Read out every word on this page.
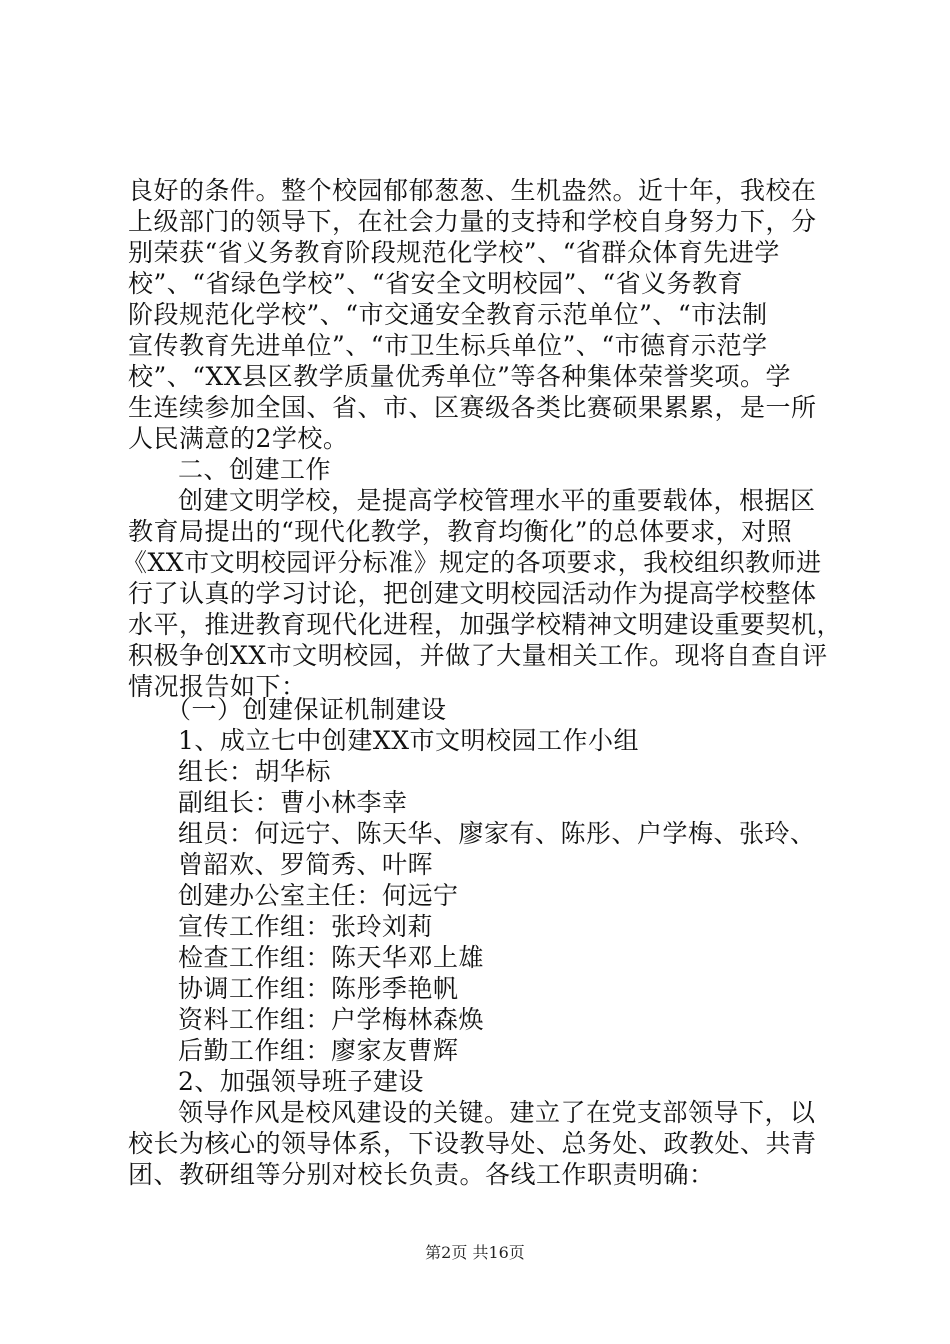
良好的条件。整个校园郁郁葱葱、生机盎然。近十年，我校在
上级部门的领导下，在社会力量的支持和学校自身努力下，分
别荣获“省义务教育阶段规范化学校”、“省群众体育先进学
校”、“省绿色学校”、“省安全文明校园”、“省义务教育
阶段规范化学校”、“市交通安全教育示范单位”、“市法制
宣传教育先进单位”、“市卫生标兵单位”、“市德育示范学
校”、“XX县区教学质量优秀单位”等各种集体荣誉奖项。学
生连续参加全国、省、市、区赛级各类比赛硕果累累，是一所
人民满意的2学校。
二、创建工作
创建文明学校，是提高学校管理水平的重要载体，根据区
教育局提出的“现代化教学，教育均衡化”的总体要求，对照
《XX市文明校园评分标准》规定的各项要求，我校组织教师进
行了认真的学习讨论，把创建文明校园活动作为提高学校整体
水平，推进教育现代化进程，加强学校精神文明建设重要契机，
积极争创XX市文明校园，并做了大量相关工作。现将自查自评
情况报告如下：
（一）创建保证机制建设
1、成立七中创建XX市文明校园工作小组
组长：胡华标
副组长：曹小林李幸
组员：何远宁、陈天华、廖家有、陈彤、户学梅、张玲、
曾韶欢、罗简秀、叶晖
创建办公室主任：何远宁
宣传工作组：张玲刘莉
检查工作组：陈天华邓上雄
协调工作组：陈彤季艳帆
资料工作组：户学梅林森焕
后勤工作组：廖家友曹辉
2、加强领导班子建设
领导作风是校风建设的关键。建立了在党支部领导下，以
校长为核心的领导体系，下设教导处、总务处、政教处、共青
团、教研组等分别对校长负责。各线工作职责明确：
第2页 共16页
